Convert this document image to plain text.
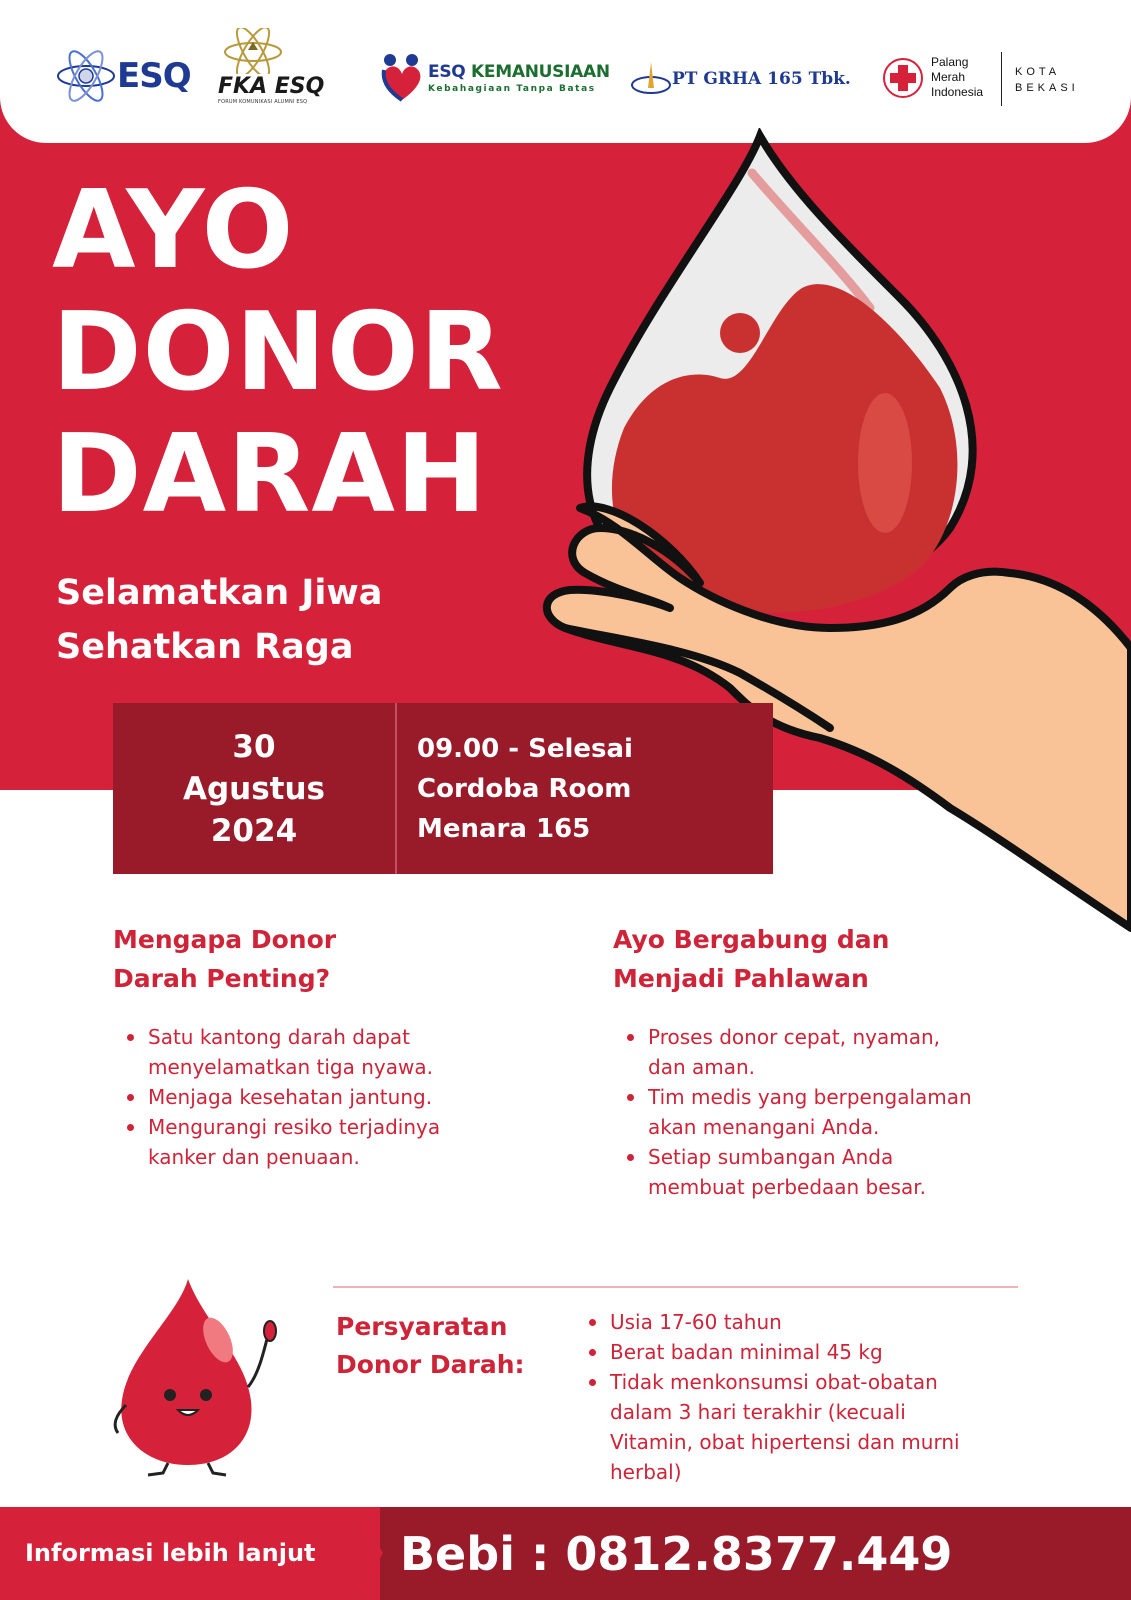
ESQ FKA ESQ
FORUM KOMUNIKASI ALUMNI ESQ
ESQ KEMANUSIAAN
Kebahagiaan Tanpa Batas	PT GRHA 165 Tbk.
Palang
Merah
Indonesia
KOTA
BEKASI
AYO
DONOR
DARAH
Selamatkan Jiwa
Sehatkan Raga
30
Agustus
2024
09.00 - Selesai
Cordoba Room
Menara 165
Mengapa Donor
Darah Penting?
Satu kantong darah dapat
menyelamatkan tiga nyawa.
Menjaga kesehatan jantung.
Mengurangi resiko terjadinya
kanker dan penuaan.
Ayo Bergabung dan
Menjadi Pahlawan
Proses donor cepat, nyaman,
dan aman.
Tim medis yang berpengalaman
akan menangani Anda.
Setiap sumbangan Anda
membuat perbedaan besar.
Persyaratan
Donor Darah:
Usia 17-60 tahun
Berat badan minimal 45 kg
Tidak menkonsumsi obat-obatan
dalam 3 hari terakhir (kecuali
Vitamin, obat hipertensi dan murni
herbal)
Informasi lebih lanjut Bebi : 0812.8377.449
